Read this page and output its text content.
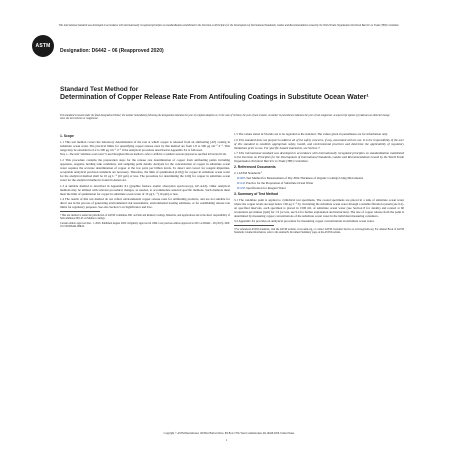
This international standard was developed in accordance with internationally recognized principles on standardization established in the Decision on Principles for the Development of International Standards, Guides and Recommendations issued by the World Trade Organization Technical Barriers to Trade (TBT) Committee.
ASTM
Designation: D6442 – 06 (Reapproved 2020)
Standard Test Method for
Determination of Copper Release Rate From Antifouling Coatings in Substitute Ocean Water¹
This standard is issued under the fixed designation D6442; the number immediately following the designation indicates the year of original adoption or, in the case of revision, the year of last revision. A number in parentheses indicates the year of last reapproval. A superscript epsilon (ε) indicates an editorial change since the last revision or reapproval.
1. Scope

1.1 This test method covers the laboratory determination of the rate at which copper is released from an antifouling (AF) coating in substitute ocean water. The practical limits for quantifying copper release rates by this method are from 1.8 to 500 μg cm⁻² d⁻¹. This range may be extended to 0.2 to 500 μg cm⁻² d⁻¹ if the analytical procedure described in Appendix X1 is followed.

Note 1—The term "substitute ocean water" is used throughout this test method to refer to artificial or synthetic seawater prepared as specified in Practice D1141.

1.2 This procedure contains the preparation steps for the release rate determination of copper from antifouling paints including apparatus, reagents, holding tank conditions, and sampling point details. Analysis for the concentration of copper in substitute ocean water requires the accurate determination of copper at the low parts per billion levels. To detect and correct for reagent impurities, acceptable analytical precision standards are necessary. Therefore, the limit of quantitation (LOQ) for copper in substitute ocean water for the analytical method shall be 10 μg L⁻¹ (10 ppb) or less. The procedure for determining the LOQ for copper in substitute ocean water for the analytical method is found in Annex A2.

1.3 A suitable method is described in Appendix X1 (graphite furnace atomic absorption spectroscopy, GF-AAS). Other analytical methods may be utilized with relevant procedural changes, as needed, to accommodate selected specific methods. Such methods must meet the limit of quantitation for copper in substitute ocean water of 10 μg L⁻¹ (10 ppb) or less.

1.4 The results of this test method do not reflect environmental copper release rates for antifouling products, and are not suitable for direct use in the process of generating environmental risk assessments, environmental loading estimates, or for establishing release rate limits for regulatory purposes. See also Section 5 on Significance and Use.

¹ This test method is under the jurisdiction of ASTM Committee D01 on Paint and Related Coatings, Materials, and Applications and is the direct responsibility of Subcommittee D01.45 on Marine Coatings.

Current edition approved Dec. 1, 2020. Published August 2020. Originally approved in 1999. Last previous edition approved in 2015 as D6442 – 06 (2015). DOI: 10.1520/D6442-06R20.

1.5 The values stated in SI units are to be regarded as the standard. The values given in parentheses are for information only.

1.6 This standard does not purport to address all of the safety concerns, if any, associated with its use. It is the responsibility of the user of this standard to establish appropriate safety, health, and environmental practices and determine the applicability of regulatory limitations prior to use. For specific hazard statements, see Section 7.

1.7 This international standard was developed in accordance with internationally recognized principles on standardization established in the Decision on Principles for the Development of International Standards, Guides and Recommendations issued by the World Trade Organization Technical Barriers to Trade (TBT) Committee.

2. Referenced Documents

2.1 ASTM Standards:²

D1005 Test Method for Measurement of Dry-Film Thickness of Organic Coatings Using Micrometers
D1141 Practice for the Preparation of Substitute Ocean Water
D1193 Specification for Reagent Water
3. Summary of Test Method

3.1 The candidate paint is applied to cylindrical test specimens. The coated specimens are placed in a tank of substitute ocean water where the copper levels are kept below 100 μg L⁻¹ by circulating the substitute ocean water through a suitable filtration system (see 6.2). At specified intervals, each specimen is placed in 1500 mL of substitute ocean water (see Section 8 for details) and rotated at 60 revolutions per minute (rpm) for 1 h (or less, see 9.4 for further explanation and instruction). The rate of copper release from the paint is determined by measuring copper concentrations of the substitute ocean water in the individual measuring containers.

3.2 Appendix X1 provides an analytical procedure for measuring copper concentrations in substitute ocean water.

² For referenced ASTM standards, visit the ASTM website, www.astm.org, or contact ASTM Customer Service at service@astm.org. For Annual Book of ASTM Standards volume information, refer to the standard's Document Summary page on the ASTM website.

Copyright © ASTM International, 100 Barr Harbor Drive, PO Box C700, West Conshohocken, PA 19428-2959. United States
1
